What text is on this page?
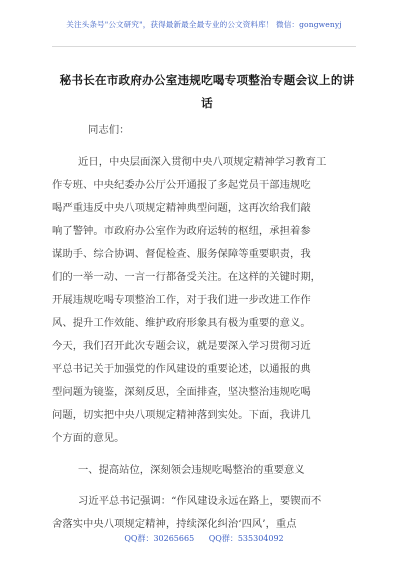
关注头条号"公文研究"，获得最新最全最专业的公文资料库！ 微信：gongwenyj
秘书长在市政府办公室违规吃喝专项整治专题会议上的讲
话
同志们：
近日，中央层面深入贯彻中央八项规定精神学习教育工
作专班、中央纪委办公厅公开通报了多起党员干部违规吃
喝严重违反中央八项规定精神典型问题，这再次给我们敲
响了警钟。市政府办公室作为政府运转的枢纽，承担着参
谋助手、综合协调、督促检查、服务保障等重要职责，我
们的一举一动、一言一行都备受关注。在这样的关键时期，
开展违规吃喝专项整治工作，对于我们进一步改进工作作
风、提升工作效能、维护政府形象具有极为重要的意义。
今天，我们召开此次专题会议，就是要深入学习贯彻习近
平总书记关于加强党的作风建设的重要论述，以通报的典
型问题为镜鉴，深刻反思，全面排查，坚决整治违规吃喝
问题，切实把中央八项规定精神落到实处。下面，我讲几
个方面的意见。
一、提高站位，深刻领会违规吃喝整治的重要意义
习近平总书记强调：“作风建设永远在路上，要锲而不
舍落实中央八项规定精神，持续深化纠治‘四风’，重点
QQ群：30265665 QQ群：535304092
